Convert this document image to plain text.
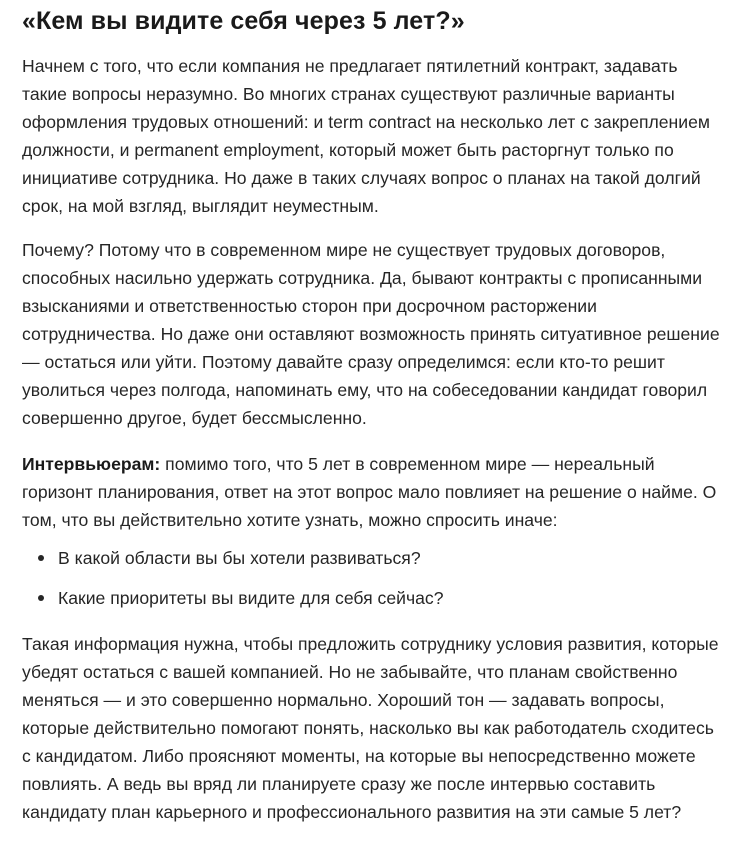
«Кем вы видите себя через 5 лет?»

Начнем с того, что если компания не предлагает пятилетний контракт, задавать такие вопросы неразумно. Во многих странах существуют различные варианты оформления трудовых отношений: и term contract на несколько лет с закреплением должности, и permanent employment, который может быть расторгнут только по инициативе сотрудника. Но даже в таких случаях вопрос о планах на такой долгий срок, на мой взгляд, выглядит неуместным.

Почему? Потому что в современном мире не существует трудовых договоров, способных насильно удержать сотрудника. Да, бывают контракты с прописанными взысканиями и ответственностью сторон при досрочном расторжении сотрудничества. Но даже они оставляют возможность принять ситуативное решение — остаться или уйти. Поэтому давайте сразу определимся: если кто-то решит уволиться через полгода, напоминать ему, что на собеседовании кандидат говорил совершенно другое, будет бессмысленно.

Интервьюерам: помимо того, что 5 лет в современном мире — нереальный горизонт планирования, ответ на этот вопрос мало повлияет на решение о найме. О том, что вы действительно хотите узнать, можно спросить иначе:

В какой области вы бы хотели развиваться?
Какие приоритеты вы видите для себя сейчас?

Такая информация нужна, чтобы предложить сотруднику условия развития, которые убедят остаться с вашей компанией. Но не забывайте, что планам свойственно меняться — и это совершенно нормально. Хороший тон — задавать вопросы, которые действительно помогают понять, насколько вы как работодатель сходитесь с кандидатом. Либо проясняют моменты, на которые вы непосредственно можете повлиять. А ведь вы вряд ли планируете сразу же после интервью составить кандидату план карьерного и профессионального развития на эти самые 5 лет?
